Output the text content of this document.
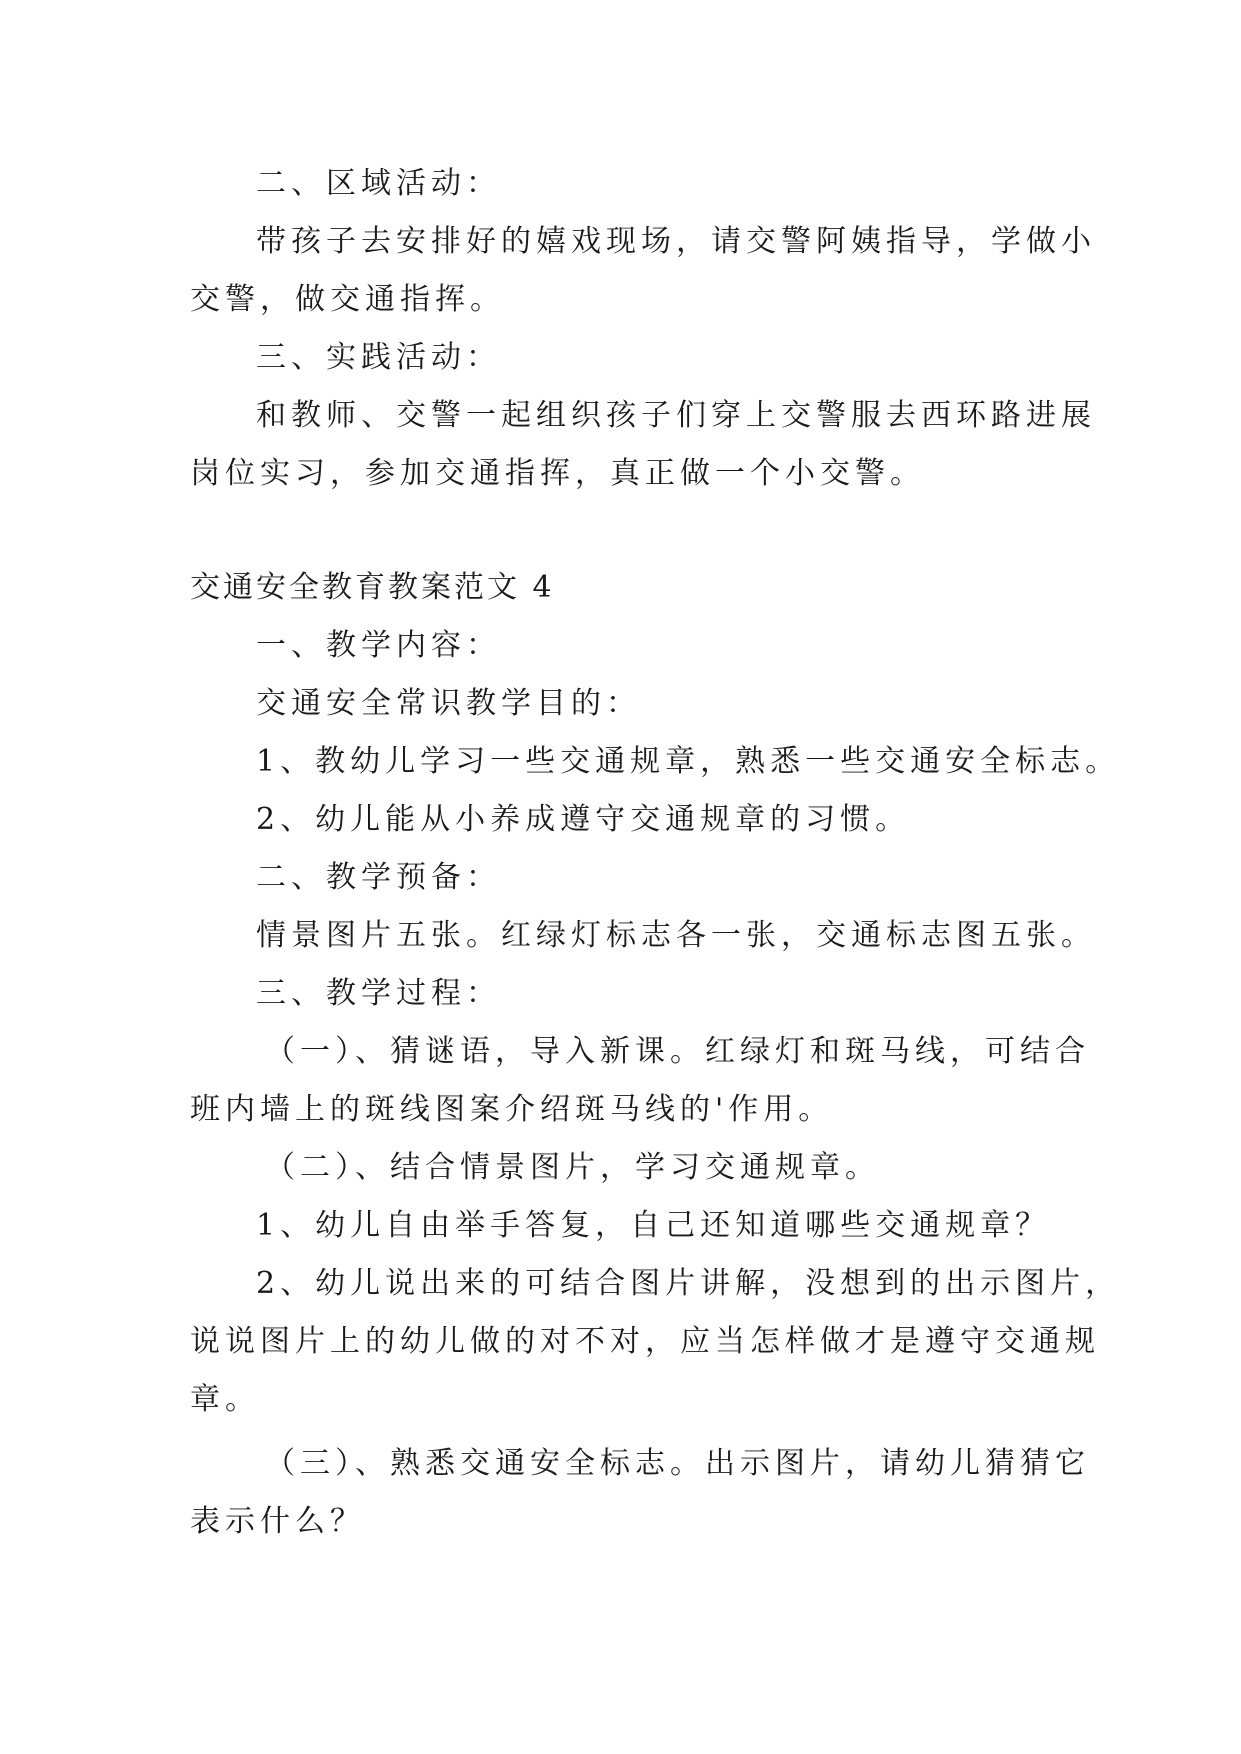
二、区域活动：
带孩子去安排好的嬉戏现场，请交警阿姨指导，学做小
交警，做交通指挥。
三、实践活动：
和教师、交警一起组织孩子们穿上交警服去西环路进展
岗位实习，参加交通指挥，真正做一个小交警。
交通安全教育教案范文 4
一、教学内容：
交通安全常识教学目的：
1、教幼儿学习一些交通规章，熟悉一些交通安全标志。
2、幼儿能从小养成遵守交通规章的习惯。
二、教学预备：
情景图片五张。红绿灯标志各一张，交通标志图五张。
三、教学过程：
（一）、猜谜语，导入新课。红绿灯和斑马线，可结合
班内墙上的斑线图案介绍斑马线的'作用。
（二）、结合情景图片，学习交通规章。
1、幼儿自由举手答复，自己还知道哪些交通规章？
2、幼儿说出来的可结合图片讲解，没想到的出示图片，
说说图片上的幼儿做的对不对，应当怎样做才是遵守交通规
章。
（三）、熟悉交通安全标志。出示图片，请幼儿猜猜它
表示什么？
